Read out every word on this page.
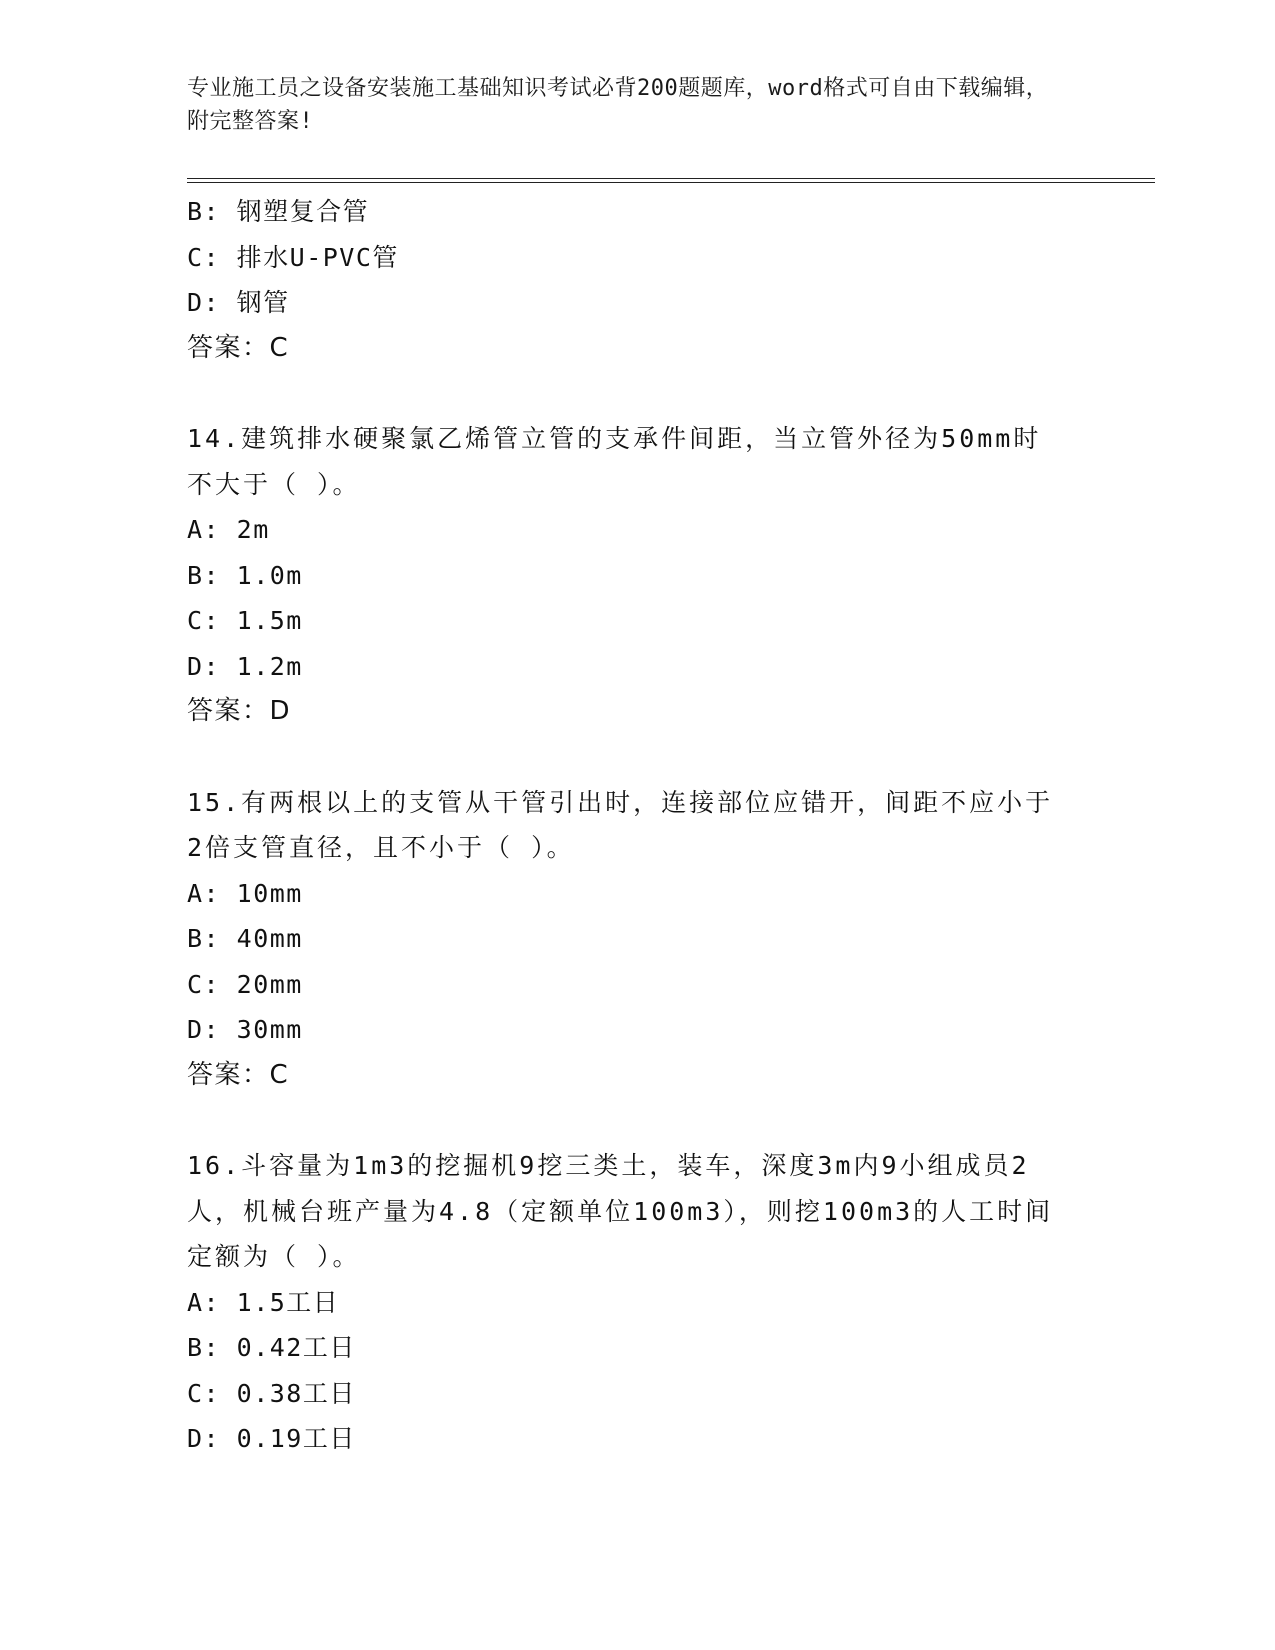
专业施工员之设备安装施工基础知识考试必背200题题库，word格式可自由下载编辑，附完整答案!
B: 钢塑复合管
C: 排水U-PVC管
D: 钢管
答案：C
14.建筑排水硬聚氯乙烯管立管的支承件间距，当立管外径为50mm时不大于（ ）。
A: 2m
B: 1.0m
C: 1.5m
D: 1.2m
答案：D
15.有两根以上的支管从干管引出时，连接部位应错开，间距不应小于2倍支管直径，且不小于（ ）。
A: 10mm
B: 40mm
C: 20mm
D: 30mm
答案：C
16.斗容量为1m3的挖掘机9挖三类土，装车，深度3m内9小组成员2人，机械台班产量为4.8（定额单位100m3），则挖100m3的人工时间定额为（ ）。
A: 1.5工日
B: 0.42工日
C: 0.38工日
D: 0.19工日
